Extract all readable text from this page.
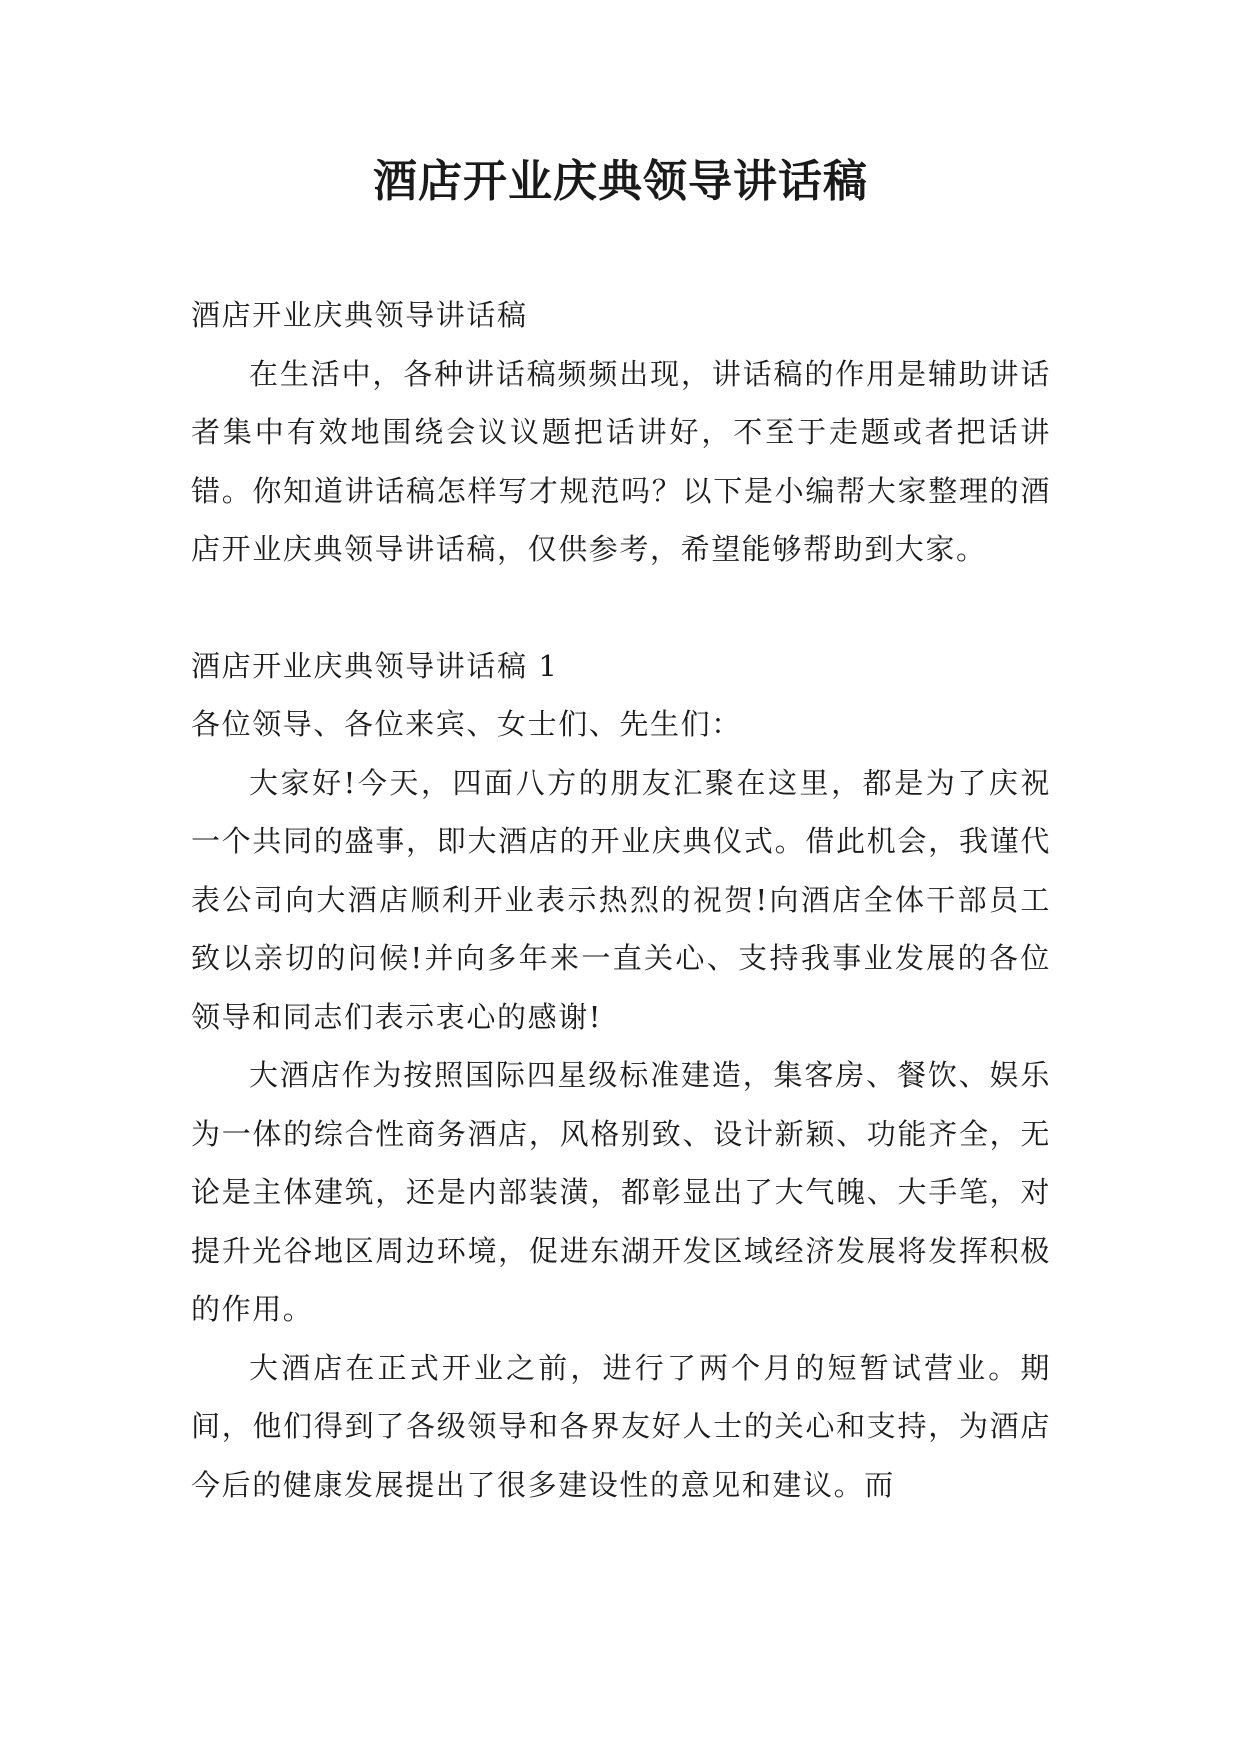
酒店开业庆典领导讲话稿

酒店开业庆典领导讲话稿

在生活中，各种讲话稿频频出现，讲话稿的作用是辅助讲话者集中有效地围绕会议议题把话讲好，不至于走题或者把话讲错。你知道讲话稿怎样写才规范吗？以下是小编帮大家整理的酒店开业庆典领导讲话稿，仅供参考，希望能够帮助到大家。

酒店开业庆典领导讲话稿 1

各位领导、各位来宾、女士们、先生们：

大家好!今天，四面八方的朋友汇聚在这里，都是为了庆祝一个共同的盛事，即大酒店的开业庆典仪式。借此机会，我谨代表公司向大酒店顺利开业表示热烈的祝贺!向酒店全体干部员工致以亲切的问候!并向多年来一直关心、支持我事业发展的各位领导和同志们表示衷心的感谢!

大酒店作为按照国际四星级标准建造，集客房、餐饮、娱乐为一体的综合性商务酒店，风格别致、设计新颖、功能齐全，无论是主体建筑，还是内部装潢，都彰显出了大气魄、大手笔，对提升光谷地区周边环境，促进东湖开发区域经济发展将发挥积极的作用。

大酒店在正式开业之前，进行了两个月的短暂试营业。期间，他们得到了各级领导和各界友好人士的关心和支持，为酒店今后的健康发展提出了很多建设性的意见和建议。而
